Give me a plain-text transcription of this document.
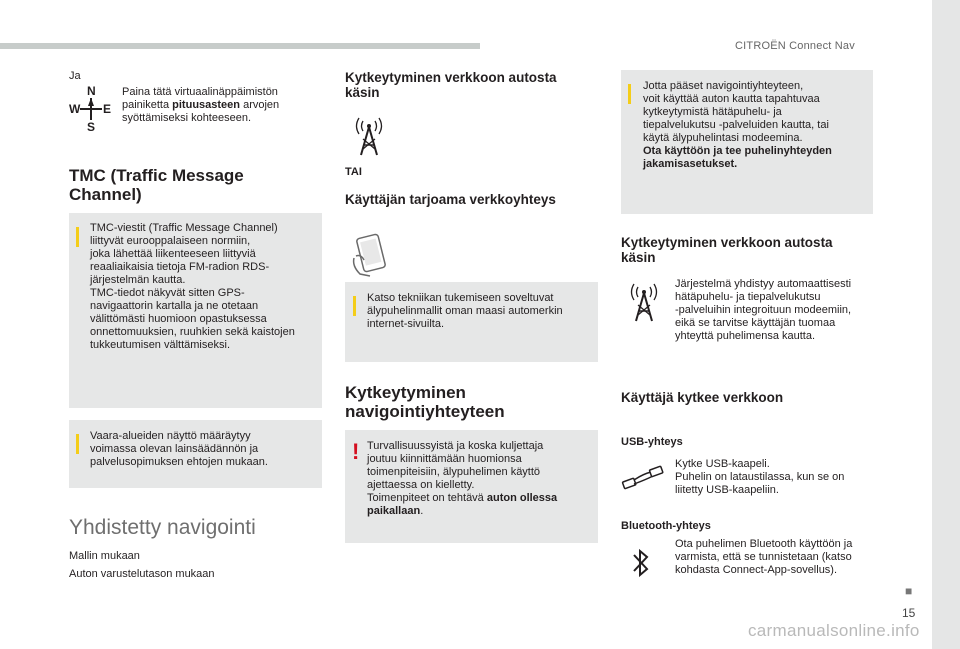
CITROËN Connect Nav
■
15
Ja
N
W E
S
Paina tätä virtuaalinäppäimistön painiketta pituusasteen arvojen syöttämiseksi kohteeseen.
TMC (Traffic Message Channel)
TMC-viestit (Traffic Message Channel)
liittyvät eurooppalaiseen normiin,
joka lähettää liikenteeseen liittyviä
reaaliaikaisia tietoja FM-radion RDS-
järjestelmän kautta.
TMC-tiedot näkyvät sitten GPS-
navigaattorin kartalla ja ne otetaan
välittömästi huomioon opastuksessa
onnettomuuksien, ruuhkien sekä kaistojen
tukkeutumisen välttämiseksi.
Vaara-alueiden näyttö määräytyy
voimassa olevan lainsäädännön ja
palvelusopimuksen ehtojen mukaan.
Yhdistetty navigointi
Mallin mukaan
Auton varustelutason mukaan
Kytkeytyminen verkkoon autosta
käsin
TAI
Käyttäjän tarjoama verkkoyhteys
Katso tekniikan tukemiseen soveltuvat
älypuhelinmallit oman maasi automerkin
internet-sivuilta.
Kytkeytyminen
navigointiyhteyteen
! Turvallisuussyistä ja koska kuljettaja
joutuu kiinnittämään huomionsa
toimenpiteisiin, älypuhelimen käyttö
ajettaessa on kielletty.
Toimenpiteet on tehtävä auton ollessa
paikallaan.
Jotta pääset navigointiyhteyteen,
voit käyttää auton kautta tapahtuvaa
kytkeytymistä hätäpuhelu- ja
tiepalvelukutsu -palveluiden kautta, tai
käytä älypuhelintasi modeemina.
Ota käyttöön ja tee puhelinyhteyden
jakamisasetukset.
Kytkeytyminen verkkoon autosta
käsin
Järjestelmä yhdistyy automaattisesti
hätäpuhelu- ja tiepalvelukutsu
-palveluihin integroituun modeemiin,
eikä se tarvitse käyttäjän tuomaa
yhteyttä puhelimensa kautta.
Käyttäjä kytkee verkkoon
USB-yhteys
Kytke USB-kaapeli.
Puhelin on lataustilassa, kun se on
liitetty USB-kaapeliin.
Bluetooth-yhteys
Ota puhelimen Bluetooth käyttöön ja
varmista, että se tunnistetaan (katso
kohdasta Connect-App-sovellus).
carmanualsonline.info
